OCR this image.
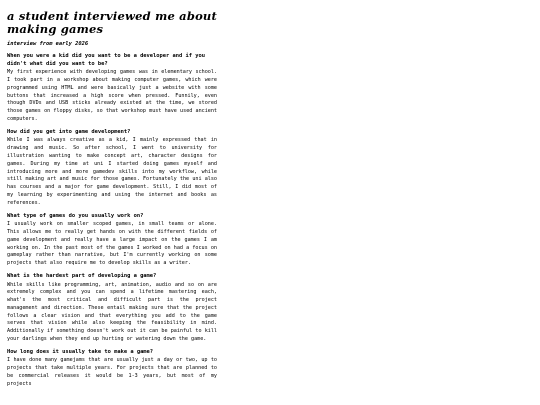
a student interviewed me about making games
interview from early 2026
When you were a kid did you want to be a developer and if you didn't what did you want to be?
My first experience with developing games was in elementary school. I took part in a workshop about making computer games, which were programmed using HTML and were basically just a website with some buttons that increased a high score when pressed. Funnily, even though DVDs and USB sticks already existed at the time, we stored those games on floppy disks, so that workshop must have used ancient computers.
How did you get into game development?
While I was always creative as a kid, I mainly expressed that in drawing and music. So after school, I went to university for illustration wanting to make concept art, character designs for games. During my time at uni I started doing games myself and introducing more and more gamedev skills into my workflow, while still making art and music for those games. Fortunately the uni also has courses and a major for game development. Still, I did most of my learning by experimenting and using the internet and books as references.
What type of games do you usually work on?
I usually work on smaller scoped games, in small teams or alone. This allows me to really get hands on with the different fields of game development and really have a large impact on the games I am working on. In the past most of the games I worked on had a focus on gameplay rather than narrative, but I'm currently working on some projects that also require me to develop skills as a writer.
What is the hardest part of developing a game?
While skills like programming, art, animation, audio and so on are extremely complex and you can spend a lifetime mastering each, what's the most critical and difficult part is the project management and direction. These entail making sure that the project follows a clear vision and that everything you add to the game serves that vision while also keeping the feasibility in mind. Additionally if something doesn't work out it can be painful to kill your darlings when they end up hurting or watering down the game.
How long does it usually take to make a game?
I have done many gamejams that are usually just a day or two, up to projects that take multiple years. For projects that are planned to be commercial releases it would be 1-3 years, but most of my projects
